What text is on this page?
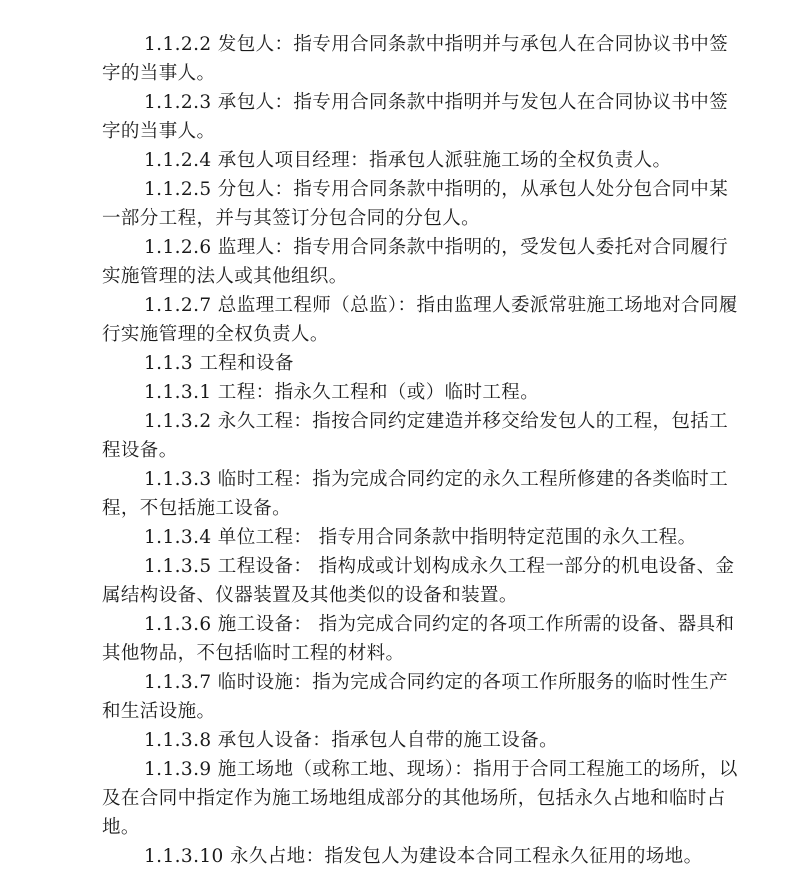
1.1.2.2 发包人：指专用合同条款中指明并与承包人在合同协议书中签
字的当事人。

1.1.2.3 承包人：指专用合同条款中指明并与发包人在合同协议书中签
字的当事人。

1.1.2.4 承包人项目经理：指承包人派驻施工场的全权负责人。

1.1.2.5 分包人：指专用合同条款中指明的，从承包人处分包合同中某
一部分工程，并与其签订分包合同的分包人。

1.1.2.6 监理人：指专用合同条款中指明的，受发包人委托对合同履行
实施管理的法人或其他组织。

1.1.2.7 总监理工程师（总监）：指由监理人委派常驻施工场地对合同履
行实施管理的全权负责人。

1.1.3 工程和设备

1.1.3.1 工程：指永久工程和（或）临时工程。

1.1.3.2 永久工程：指按合同约定建造并移交给发包人的工程，包括工
程设备。

1.1.3.3 临时工程：指为完成合同约定的永久工程所修建的各类临时工
程，不包括施工设备。

1.1.3.4 单位工程： 指专用合同条款中指明特定范围的永久工程。

1.1.3.5 工程设备： 指构成或计划构成永久工程一部分的机电设备、金
属结构设备、仪器装置及其他类似的设备和装置。

1.1.3.6 施工设备： 指为完成合同约定的各项工作所需的设备、器具和
其他物品，不包括临时工程的材料。

1.1.3.7 临时设施：指为完成合同约定的各项工作所服务的临时性生产
和生活设施。

1.1.3.8 承包人设备：指承包人自带的施工设备。

1.1.3.9 施工场地（或称工地、现场）：指用于合同工程施工的场所，以
及在合同中指定作为施工场地组成部分的其他场所，包括永久占地和临时占
地。

1.1.3.10 永久占地：指发包人为建设本合同工程永久征用的场地。
